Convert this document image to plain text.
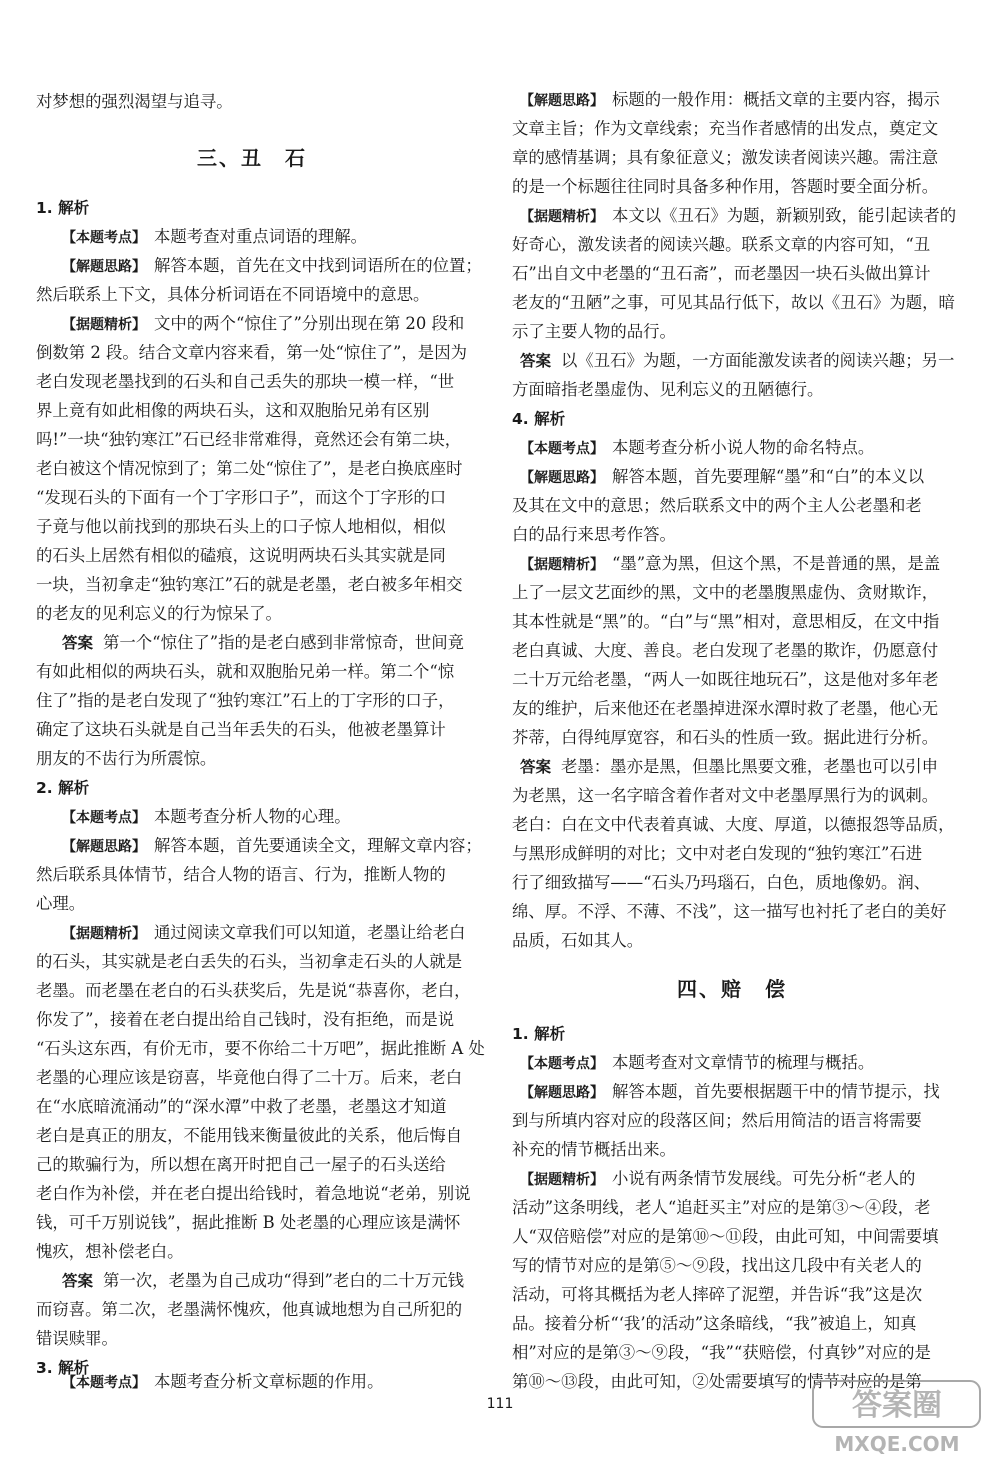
对梦想的强烈渴望与追寻。
三、丑　石
1. 解析
【本题考点】 本题考查对重点词语的理解。
【解题思路】 解答本题，首先在文中找到词语所在的位置；
然后联系上下文，具体分析词语在不同语境中的意思。
【据题精析】 文中的两个“惊住了”分别出现在第 20 段和
倒数第 2 段。结合文章内容来看，第一处“惊住了”，是因为
老白发现老墨找到的石头和自己丢失的那块一模一样，“世
界上竟有如此相像的两块石头，这和双胞胎兄弟有区别
吗!”一块“独钓寒江”石已经非常难得，竟然还会有第二块，
老白被这个情况惊到了；第二处“惊住了”，是老白换底座时
“发现石头的下面有一个丁字形口子”，而这个丁字形的口
子竟与他以前找到的那块石头上的口子惊人地相似，相似
的石头上居然有相似的磕痕，这说明两块石头其实就是同
一块，当初拿走“独钓寒江”石的就是老墨，老白被多年相交
的老友的见利忘义的行为惊呆了。
答案 第一个“惊住了”指的是老白感到非常惊奇，世间竟
有如此相似的两块石头，就和双胞胎兄弟一样。第二个“惊
住了”指的是老白发现了“独钓寒江”石上的丁字形的口子，
确定了这块石头就是自己当年丢失的石头，他被老墨算计
朋友的不齿行为所震惊。
2. 解析
【本题考点】 本题考查分析人物的心理。
【解题思路】 解答本题，首先要通读全文，理解文章内容；
然后联系具体情节，结合人物的语言、行为，推断人物的
心理。
【据题精析】 通过阅读文章我们可以知道，老墨让给老白
的石头，其实就是老白丢失的石头，当初拿走石头的人就是
老墨。而老墨在老白的石头获奖后，先是说“恭喜你，老白，
你发了”，接着在老白提出给自己钱时，没有拒绝，而是说
“石头这东西，有价无市，要不你给二十万吧”，据此推断 A 处
老墨的心理应该是窃喜，毕竟他白得了二十万。后来，老白
在“水底暗流涌动”的“深水潭”中救了老墨，老墨这才知道
老白是真正的朋友，不能用钱来衡量彼此的关系，他后悔自
己的欺骗行为，所以想在离开时把自己一屋子的石头送给
老白作为补偿，并在老白提出给钱时，着急地说“老弟，别说
钱，可千万别说钱”，据此推断 B 处老墨的心理应该是满怀
愧疚，想补偿老白。
答案 第一次，老墨为自己成功“得到”老白的二十万元钱
而窃喜。第二次，老墨满怀愧疚，他真诚地想为自己所犯的
错误赎罪。
3. 解析
【解题思路】 标题的一般作用：概括文章的主要内容，揭示
文章主旨；作为文章线索；充当作者感情的出发点，奠定文
章的感情基调；具有象征意义；激发读者阅读兴趣。需注意
的是一个标题往往同时具备多种作用，答题时要全面分析。
【据题精析】 本文以《丑石》为题，新颖别致，能引起读者的
好奇心，激发读者的阅读兴趣。联系文章的内容可知，“丑
石”出自文中老墨的“丑石斋”，而老墨因一块石头做出算计
老友的“丑陋”之事，可见其品行低下，故以《丑石》为题，暗
示了主要人物的品行。
答案 以《丑石》为题，一方面能激发读者的阅读兴趣；另一
方面暗指老墨虚伪、见利忘义的丑陋德行。
4. 解析
【本题考点】 本题考查分析小说人物的命名特点。
【解题思路】 解答本题，首先要理解“墨”和“白”的本义以
及其在文中的意思；然后联系文中的两个主人公老墨和老
白的品行来思考作答。
【据题精析】 “墨”意为黑，但这个黑，不是普通的黑，是盖
上了一层文艺面纱的黑，文中的老墨腹黑虚伪、贪财欺诈，
其本性就是“黑”的。“白”与“黑”相对，意思相反，在文中指
老白真诚、大度、善良。老白发现了老墨的欺诈，仍愿意付
二十万元给老墨，“两人一如既往地玩石”，这是他对多年老
友的维护，后来他还在老墨掉进深水潭时救了老墨，他心无
芥蒂，白得纯厚宽容，和石头的性质一致。据此进行分析。
答案 老墨：墨亦是黑，但墨比黑要文雅，老墨也可以引申
为老黑，这一名字暗含着作者对文中老墨厚黑行为的讽刺。
老白：白在文中代表着真诚、大度、厚道，以德报怨等品质，
与黑形成鲜明的对比；文中对老白发现的“独钓寒江”石进
行了细致描写——“石头乃玛瑙石，白色，质地像奶。润、
绵、厚。不浮、不薄、不浅”，这一描写也衬托了老白的美好
品质，石如其人。
四、赔　偿
1. 解析
【本题考点】 本题考查对文章情节的梳理与概括。
【解题思路】 解答本题，首先要根据题干中的情节提示，找
到与所填内容对应的段落区间；然后用简洁的语言将需要
补充的情节概括出来。
【据题精析】 小说有两条情节发展线。可先分析“老人的
活动”这条明线，老人“追赶买主”对应的是第③～④段，老
人“双倍赔偿”对应的是第⑩～⑪段，由此可知，中间需要填
写的情节对应的是第⑤～⑨段，找出这几段中有关老人的
活动，可将其概括为老人摔碎了泥塑，并告诉“我”这是次
品。接着分析“‘我’的活动”这条暗线，“我”被追上，知真
相”对应的是第③～⑨段，“我”“获赔偿，付真钞”对应的是
第⑩～⑬段，由此可知，②处需要填写的情节对应的是第
111	答案圈
MXQE.COM
【本题考点】 本题考查分析文章标题的作用。
